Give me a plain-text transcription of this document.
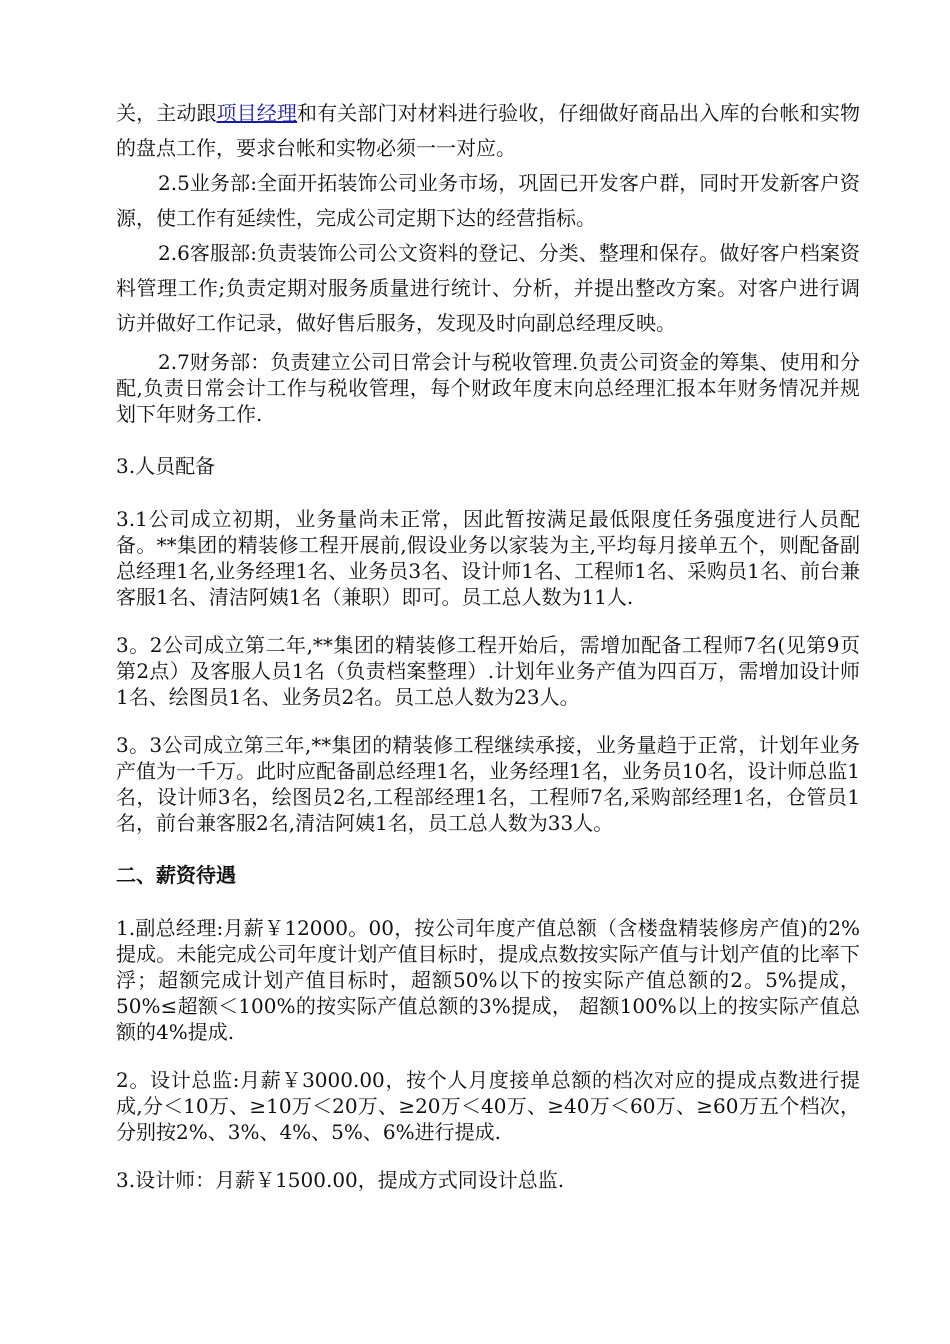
关，主动跟项目经理和有关部门对材料进行验收，仔细做好商品出入库的台帐和实物的盘点工作，要求台帐和实物必须一一对应。

2.5业务部:全面开拓装饰公司业务市场，巩固已开发客户群，同时开发新客户资源，使工作有延续性，完成公司定期下达的经营指标。

2.6客服部:负责装饰公司公文资料的登记、分类、整理和保存。做好客户档案资料管理工作;负责定期对服务质量进行统计、分析，并提出整改方案。对客户进行调访并做好工作记录，做好售后服务，发现及时向副总经理反映。

2.7财务部：负责建立公司日常会计与税收管理.负责公司资金的筹集、使用和分配,负责日常会计工作与税收管理，每个财政年度末向总经理汇报本年财务情况并规划下年财务工作.

3.人员配备

3.1公司成立初期，业务量尚未正常，因此暂按满足最低限度任务强度进行人员配备。**集团的精装修工程开展前,假设业务以家装为主,平均每月接单五个，则配备副总经理1名,业务经理1名、业务员3名、设计师1名、工程师1名、采购员1名、前台兼客服1名、清洁阿姨1名（兼职）即可。员工总人数为11人.

3。2公司成立第二年,**集团的精装修工程开始后，需增加配备工程师7名(见第9页第2点）及客服人员1名（负责档案整理）.计划年业务产值为四百万，需增加设计师1名、绘图员1名、业务员2名。员工总人数为23人。

3。3公司成立第三年,**集团的精装修工程继续承接，业务量趋于正常，计划年业务产值为一千万。此时应配备副总经理1名，业务经理1名，业务员10名，设计师总监1名，设计师3名，绘图员2名,工程部经理1名，工程师7名,采购部经理1名，仓管员1名，前台兼客服2名,清洁阿姨1名，员工总人数为33人。

二、薪资待遇

1.副总经理:月薪￥12000。00，按公司年度产值总额（含楼盘精装修房产值)的2%提成。未能完成公司年度计划产值目标时，提成点数按实际产值与计划产值的比率下浮；超额完成计划产值目标时，超额50%以下的按实际产值总额的2。5%提成，50%≤超额＜100%的按实际产值总额的3%提成， 超额100%以上的按实际产值总额的4%提成.

2。设计总监:月薪￥3000.00，按个人月度接单总额的档次对应的提成点数进行提成,分＜10万、≥10万＜20万、≥20万＜40万、≥40万＜60万、≥60万五个档次，分别按2%、3%、4%、5%、6%进行提成.

3.设计师：月薪￥1500.00，提成方式同设计总监.
